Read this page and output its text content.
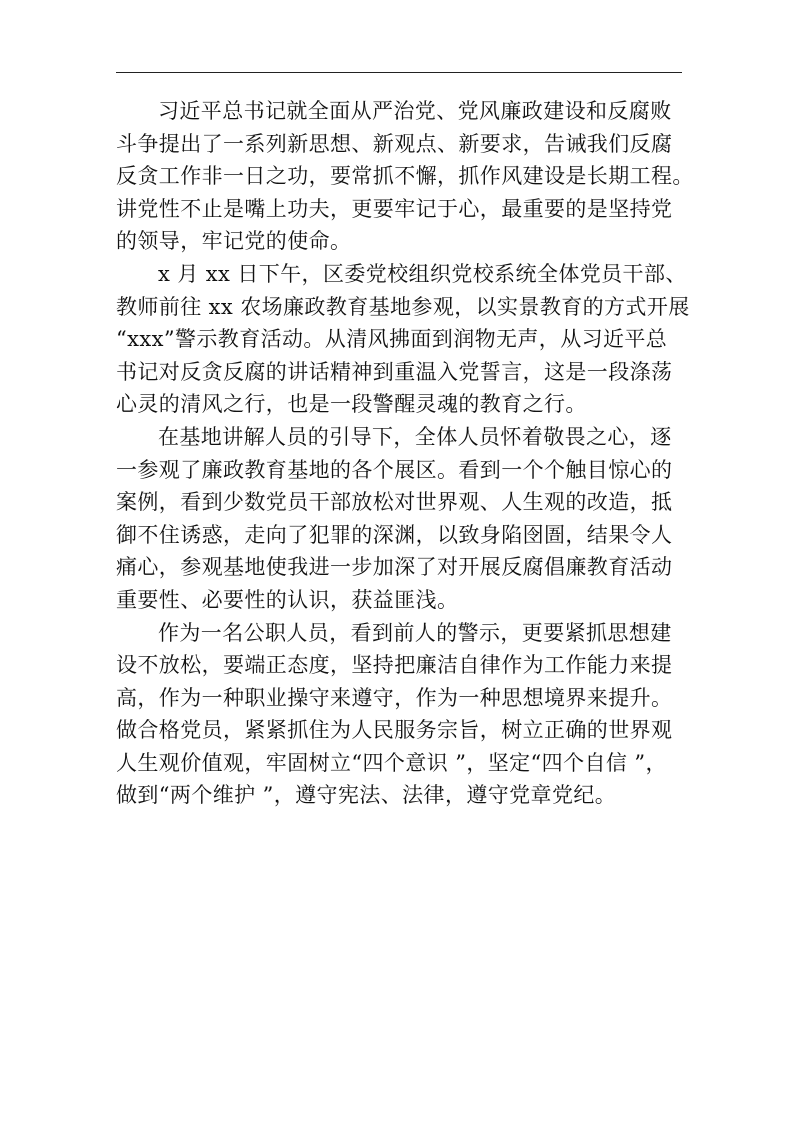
习近平总书记就全面从严治党、党风廉政建设和反腐败
斗争提出了一系列新思想、新观点、新要求，告诫我们反腐
反贪工作非一日之功，要常抓不懈，抓作风建设是长期工程。
讲党性不止是嘴上功夫，更要牢记于心，最重要的是坚持党
的领导，牢记党的使命。

x 月 xx 日下午，区委党校组织党校系统全体党员干部、
教师前往 xx 农场廉政教育基地参观，以实景教育的方式开展
“xxx”警示教育活动。从清风拂面到润物无声，从习近平总
书记对反贪反腐的讲话精神到重温入党誓言，这是一段涤荡
心灵的清风之行，也是一段警醒灵魂的教育之行。

在基地讲解人员的引导下，全体人员怀着敬畏之心，逐
一参观了廉政教育基地的各个展区。看到一个个触目惊心的
案例，看到少数党员干部放松对世界观、人生观的改造，抵
御不住诱惑，走向了犯罪的深渊，以致身陷囹圄，结果令人
痛心，参观基地使我进一步加深了对开展反腐倡廉教育活动
重要性、必要性的认识，获益匪浅。

作为一名公职人员，看到前人的警示，更要紧抓思想建
设不放松，要端正态度，坚持把廉洁自律作为工作能力来提
高，作为一种职业操守来遵守，作为一种思想境界来提升。
做合格党员，紧紧抓住为人民服务宗旨，树立正确的世界观
人生观价值观，牢固树立“四个意识 ”，坚定“四个自信 ”，
做到“两个维护 ”，遵守宪法、法律，遵守党章党纪。
